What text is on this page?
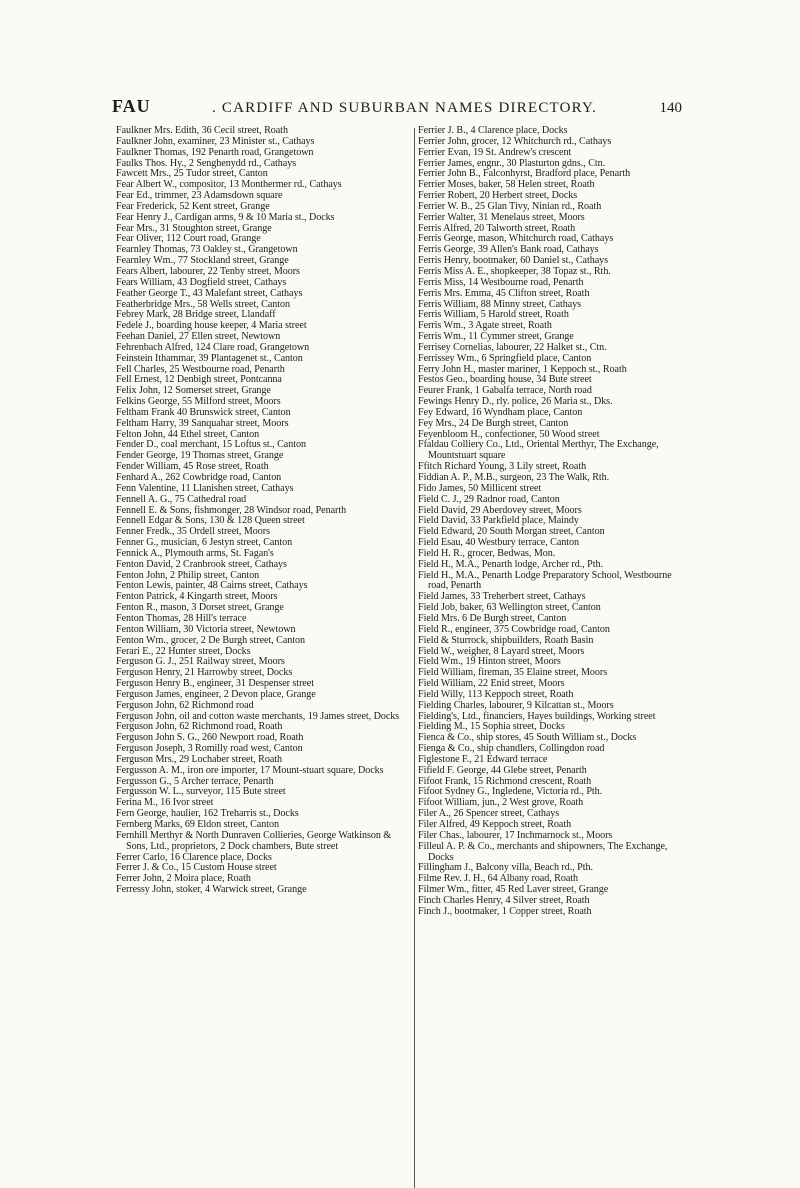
FAU	. CARDIFF AND SUBURBAN NAMES DIRECTORY.	140
Faulkner Mrs. Edith, 36 Cecil street, Roath
Faulkner John, examiner, 23 Minister st., Cathays
Faulkner Thomas, 192 Penarth road, Grangetown
Faulks Thos. Hy., 2 Senghenydd rd., Cathays
Fawcett Mrs., 25 Tudor street, Canton
Fear Albert W., compositor, 13 Monthermer rd., Cathays
Fear Ed., trimmer, 23 Adamsdown square
Fear Frederick, 52 Kent street, Grange
Fear Henry J., Cardigan arms, 9 & 10 Maria st., Docks
Fear Mrs., 31 Stoughton street, Grange
Fear Oliver, 112 Court road, Grange
Fearnley Thomas, 73 Oakley st., Grangetown
Fearnley Wm., 77 Stockland street, Grange
Fears Albert, labourer, 22 Tenby street, Moors
Fears William, 43 Dogfield street, Cathays
Feather George T., 43 Malefant street, Cathays
Featherbridge Mrs., 58 Wells street, Canton
Febrey Mark, 28 Bridge street, Llandaff
Fedele J., boarding house keeper, 4 Maria street
Feehan Daniel, 27 Ellen street, Newtown
Fehrenbach Alfred, 124 Clare road, Grangetown
Feinstein Ithammar, 39 Plantagenet st., Canton
Fell Charles, 25 Westbourne road, Penarth
Fell Ernest, 12 Denbigh street, Pontcanna
Felix John, 12 Somerset street, Grange
Felkins George, 55 Milford street, Moors
Feltham Frank 40 Brunswick street, Canton
Feltham Harry, 39 Sanquahar street, Moors
Felton John, 44 Ethel street, Canton
Fender D., coal merchant, 15 Loftus st., Canton
Fender George, 19 Thomas street, Grange
Fender William, 45 Rose street, Roath
Fenhard A., 262 Cowbridge road, Canton
Fenn Valentine, 11 Llanishen street, Cathays
Fennell A. G., 75 Cathedral road
Fennell E. & Sons, fishmonger, 28 Windsor road, Penarth
Fennell Edgar & Sons, 130 & 128 Queen street
Fenner Fredk., 35 Ordell street, Moors
Fenner G., musician, 6 Jestyn street, Canton
Fennick A., Plymouth arms, St. Fagan's
Fenton David, 2 Cranbrook street, Cathays
Fenton John, 2 Philip street, Canton
Fenton Lewis, painter, 48 Cairns street, Cathays
Fenton Patrick, 4 Kingarth street, Moors
Fenton R., mason, 3 Dorset street, Grange
Fenton Thomas, 28 Hill's terrace
Fenton William, 30 Victoria street, Newtown
Fenton Wm., grocer, 2 De Burgh street, Canton
Ferari E., 22 Hunter street, Docks
Ferguson G. J., 251 Railway street, Moors
Ferguson Henry, 21 Harrowby street, Docks
Ferguson Henry B., engineer, 31 Despenser street
Ferguson James, engineer, 2 Devon place, Grange
Ferguson John, 62 Richmond road
Ferguson John, oil and cotton waste merchants, 19 James street, Docks
Ferguson John, 62 Richmond road, Roath
Ferguson John S. G., 260 Newport road, Roath
Ferguson Joseph, 3 Romilly road west, Canton
Ferguson Mrs., 29 Lochaber street, Roath
Fergusson A. M., iron ore importer, 17 Mount-stuart square, Docks
Fergusson G., 5 Archer terrace, Penarth
Fergusson W. L., surveyor, 115 Bute street
Ferina M., 16 Ivor street
Fern George, haulier, 162 Treharris st., Docks
Fernberg Marks, 69 Eldon street, Canton
Fernhill Merthyr & North Dunraven Collieries, George Watkinson & Sons, Ltd., proprietors, 2 Dock chambers, Bute street
Ferrer Carlo, 16 Clarence place, Docks
Ferrer J. & Co., 15 Custom House street
Ferrer John, 2 Moira place, Roath
Ferressy John, stoker, 4 Warwick street, Grange
Ferrier J. B., 4 Clarence place, Docks
Ferrier John, grocer, 12 Whitchurch rd., Cathays
Ferrier Evan, 19 St. Andrew's crescent
Ferrier James, engnr., 30 Plasturton gdns., Ctn.
Ferrier John B., Falconhyrst, Bradford place, Penarth
Ferrier Moses, baker, 58 Helen street, Roath
Ferrier Robert, 20 Herbert street, Docks
Ferrier W. B., 25 Glan Tivy, Ninian rd., Roath
Ferrier Walter, 31 Menelaus street, Moors
Ferris Alfred, 20 Talworth street, Roath
Ferris George, mason, Whitchurch road, Cathays
Ferris George, 39 Allen's Bank road, Cathays
Ferris Henry, bootmaker, 60 Daniel st., Cathays
Ferris Miss A. E., shopkeeper, 38 Topaz st., Rth.
Ferris Miss, 14 Westbourne road, Penarth
Ferris Mrs. Emma, 45 Clifton street, Roath
Ferris William, 88 Minny street, Cathays
Ferris William, 5 Harold street, Roath
Ferris Wm., 3 Agate street, Roath
Ferris Wm., 11 Cymmer street, Grange
Ferrisey Cornelias, labourer, 22 Halket st., Ctn.
Ferrissey Wm., 6 Springfield place, Canton
Ferry John H., master mariner, 1 Keppoch st., Roath
Festos Geo., boarding house, 34 Bute street
Feurer Frank, 1 Gabalfa terrace, North road
Fewings Henry D., rly. police, 26 Maria st., Dks.
Fey Edward, 16 Wyndham place, Canton
Fey Mrs., 24 De Burgh street, Canton
Feyenbloom H., confectioner, 50 Wood street
Ffaldau Colliery Co., Ltd., Oriental Merthyr, The Exchange, Mountstuart square
Ffitch Richard Young, 3 Lily street, Roath
Fiddian A. P., M.B., surgeon, 23 The Walk, Rth.
Fido James, 50 Millicent street
Field C. J., 29 Radnor road, Canton
Field David, 29 Aberdovey street, Moors
Field David, 33 Parkfield place, Maindy
Field Edward, 20 South Morgan street, Canton
Field Esau, 40 Westbury terrace, Canton
Field H. R., grocer, Bedwas, Mon.
Field H., M.A., Penarth lodge, Archer rd., Pth.
Field H., M.A., Penarth Lodge Preparatory School, Westbourne road, Penarth
Field James, 33 Treherbert street, Cathays
Field Job, baker, 63 Wellington street, Canton
Field Mrs. 6 De Burgh street, Canton
Field R., engineer, 375 Cowbridge road, Canton
Field & Sturrock, shipbuilders, Roath Basin
Field W., weigher, 8 Layard street, Moors
Field Wm., 19 Hinton street, Moors
Field William, fireman, 35 Elaine street, Moors
Field William, 22 Enid street, Moors
Field Willy, 113 Keppoch street, Roath
Fielding Charles, labourer, 9 Kilcattan st., Moors
Fielding's, Ltd., financiers, Hayes buildings, Working street
Fielding M., 15 Sophia street, Docks
Fienca & Co., ship stores, 45 South William st., Docks
Fienga & Co., ship chandlers, Collingdon road
Figlestone F., 21 Edward terrace
Fifield F. George, 44 Glebe street, Penarth
Fifoot Frank, 15 Richmond crescent, Roath
Fifoot Sydney G., Ingledene, Victoria rd., Pth.
Fifoot William, jun., 2 West grove, Roath
Filer A., 26 Spencer street, Cathays
Filer Alfred, 49 Keppoch street, Roath
Filer Chas., labourer, 17 Inchmarnock st., Moors
Filleul A. P. & Co., merchants and shipowners, The Exchange, Docks
Fillingham J., Balcony villa, Beach rd., Pth.
Filme Rev. J. H., 64 Albany road, Roath
Filmer Wm., fitter, 45 Red Laver street, Grange
Finch Charles Henry, 4 Silver street, Roath
Finch J., bootmaker, 1 Copper street, Roath
